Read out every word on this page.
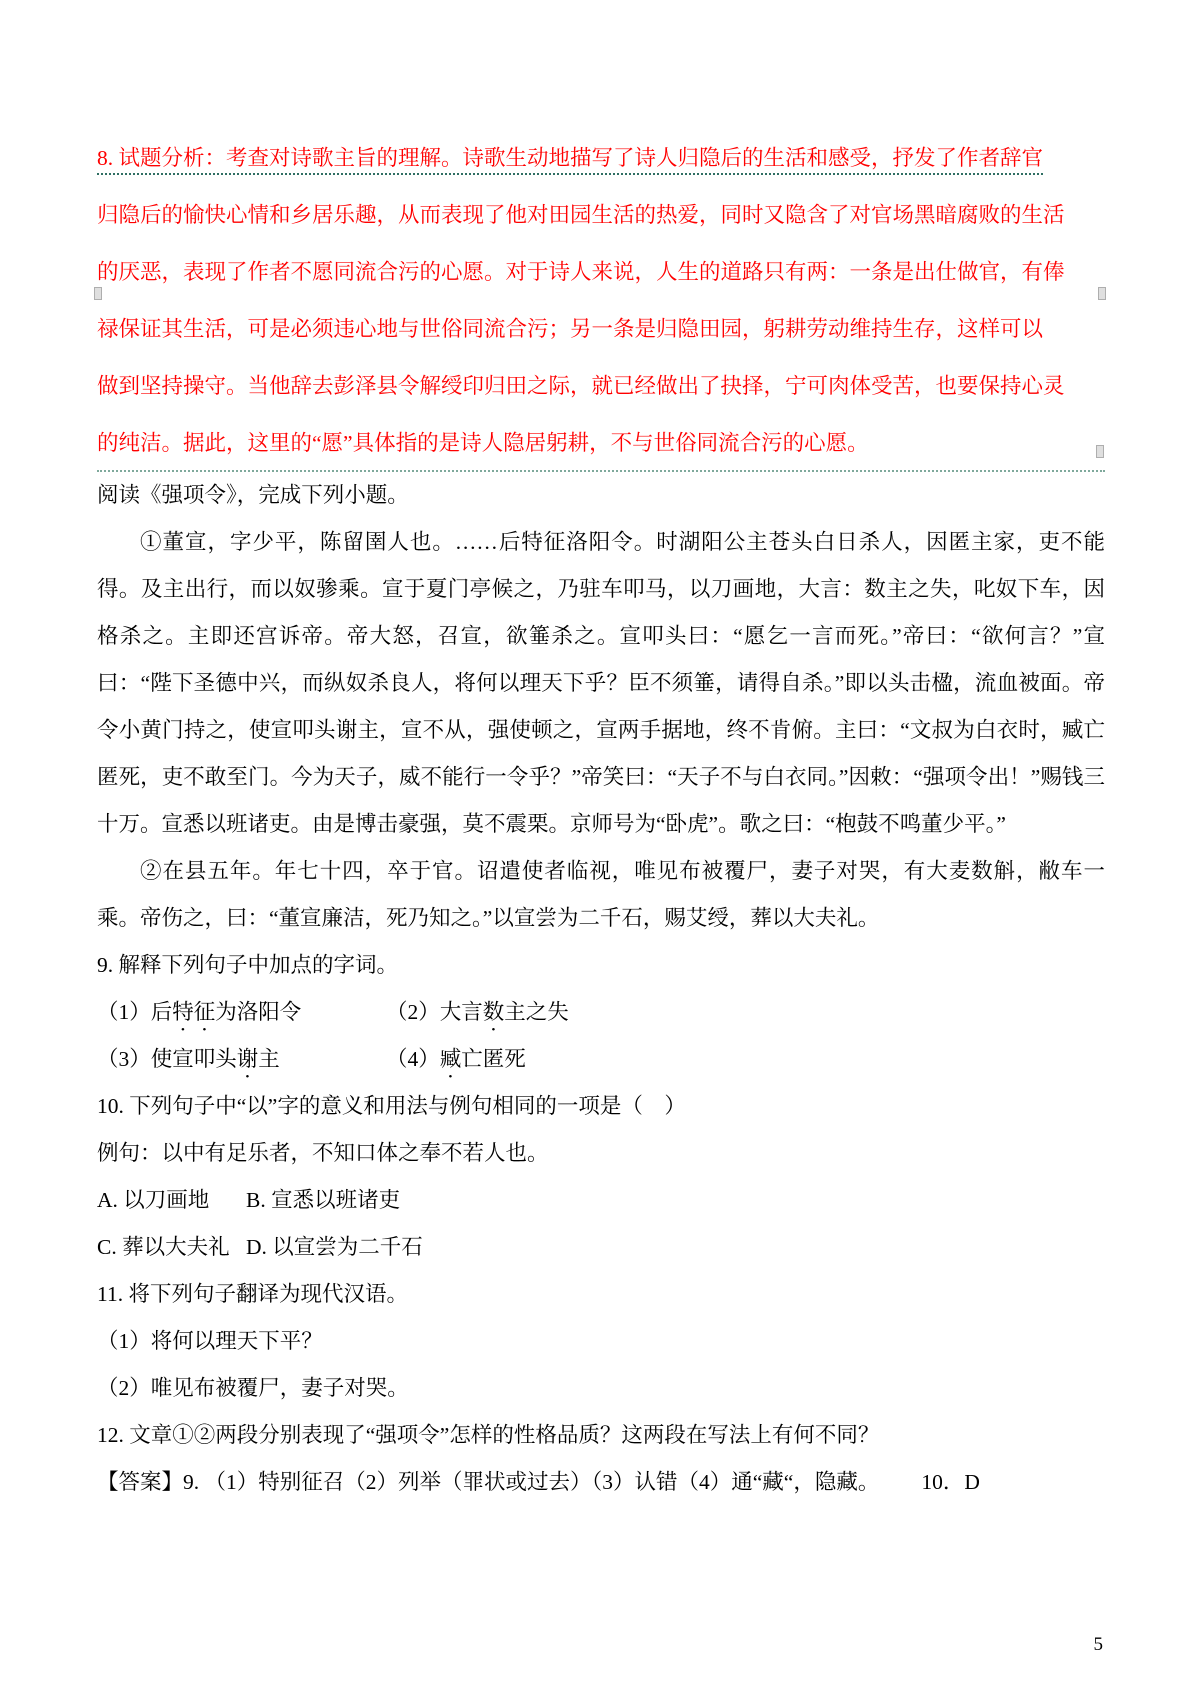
8. 试题分析：考查对诗歌主旨的理解。诗歌生动地描写了诗人归隐后的生活和感受，抒发了作者辞官
归隐后的愉快心情和乡居乐趣，从而表现了他对田园生活的热爱，同时又隐含了对官场黑暗腐败的生活
的厌恶，表现了作者不愿同流合污的心愿。对于诗人来说，人生的道路只有两：一条是出仕做官，有俸
禄保证其生活，可是必须违心地与世俗同流合污；另一条是归隐田园，躬耕劳动维持生存，这样可以
做到坚持操守。当他辞去彭泽县令解绶印归田之际，就已经做出了抉择，宁可肉体受苦，也要保持心灵
的纯洁。据此，这里的“愿”具体指的是诗人隐居躬耕，不与世俗同流合污的心愿。

阅读《强项令》，完成下列小题。

①董宣，字少平，陈留圉人也。……后特征洛阳令。时湖阳公主苍头白日杀人，因匿主家，吏不能得。及主出行，而以奴骖乘。宣于夏门亭候之，乃驻车叩马，以刀画地，大言：数主之失，叱奴下车，因格杀之。主即还宫诉帝。帝大怒，召宣，欲箠杀之。宣叩头曰：“愿乞一言而死。”帝曰：“欲何言？”宣曰：“陛下圣德中兴，而纵奴杀良人，将何以理天下乎？臣不须箠，请得自杀。”即以头击楹，流血被面。帝令小黄门持之，使宣叩头谢主，宣不从，强使顿之，宣两手据地，终不肯俯。主曰：“文叔为白衣时，臧亡匿死，吏不敢至门。今为天子，威不能行一令乎？”帝笑曰：“天子不与白衣同。”因敕：“强项令出！”赐钱三十万。宣悉以班诸吏。由是博击豪强，莫不震栗。京师号为“卧虎”。歌之曰：“枹鼓不鸣董少平。”

②在县五年。年七十四，卒于官。诏遣使者临视，唯见布被覆尸，妻子对哭，有大麦数斛，敝车一乘。帝伤之，曰：“董宣廉洁，死乃知之。”以宣尝为二千石，赐艾绶，葬以大夫礼。

9. 解释下列句子中加点的字词。

（1）后特征为洛阳令	（2）大言数主之失
（3）使宣叩头谢主	（4）臧亡匿死

10. 下列句子中“以”字的意义和用法与例句相同的一项是（　）

例句：以中有足乐者，不知口体之奉不若人也。

A. 以刀画地	B. 宣悉以班诸吏
C. 葬以大夫礼 D. 以宣尝为二千石

11. 将下列句子翻译为现代汉语。

（1）将何以理天下平？

（2）唯见布被覆尸，妻子对哭。

12. 文章①②两段分别表现了“强项令”怎样的性格品质？这两段在写法上有何不同？

【答案】9. （1）特别征召（2）列举（罪状或过去）（3）认错（4）通“藏“，隐藏。 10．D

5
